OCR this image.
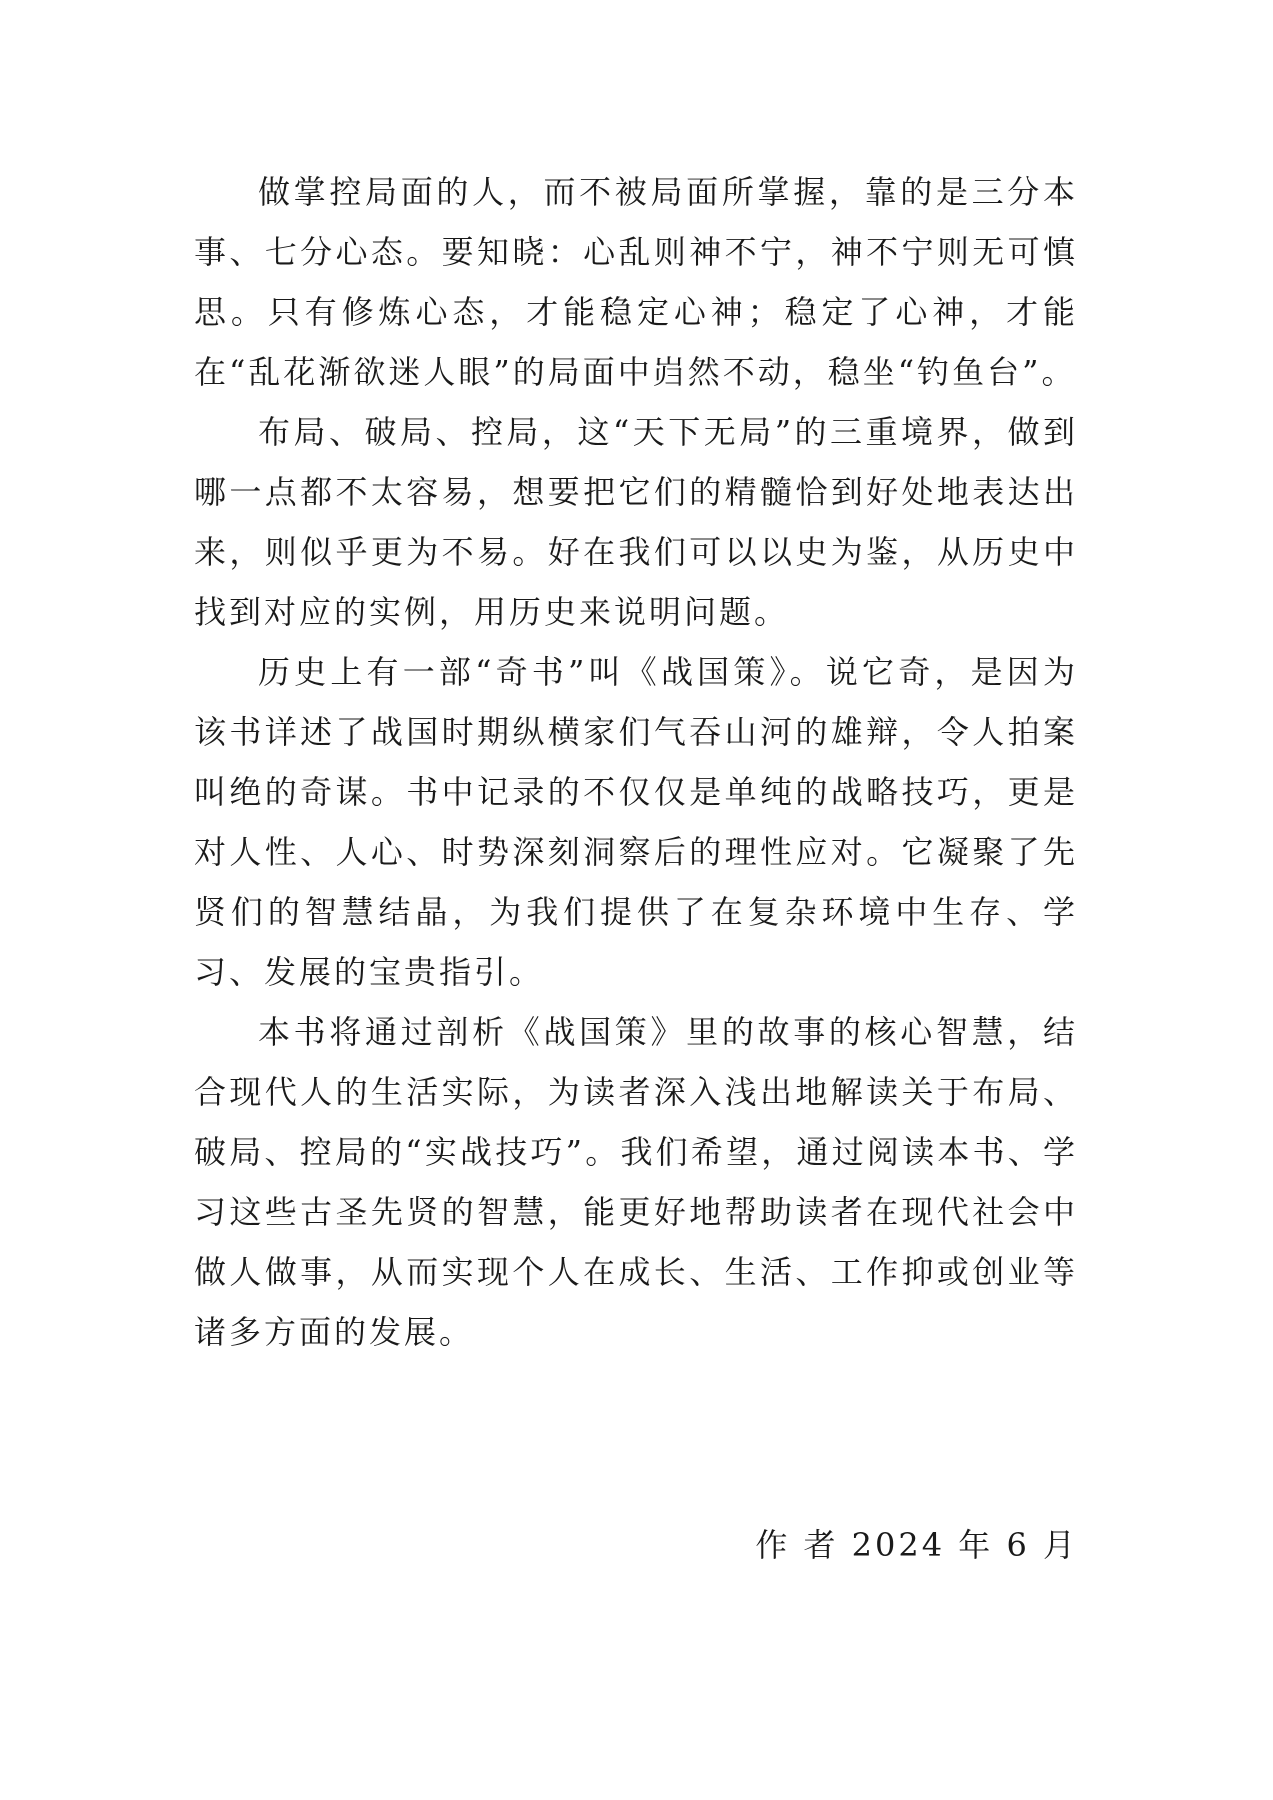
做掌控局面的人，而不被局面所掌握，靠的是三分本事、七分心态。要知晓：心乱则神不宁，神不宁则无可慎思。只有修炼心态，才能稳定心神；稳定了心神，才能在“乱花渐欲迷人眼”的局面中岿然不动，稳坐“钓鱼台”。

布局、破局、控局，这“天下无局”的三重境界，做到哪一点都不太容易，想要把它们的精髓恰到好处地表达出来，则似乎更为不易。好在我们可以以史为鉴，从历史中找到对应的实例，用历史来说明问题。

历史上有一部“奇书”叫《战国策》。说它奇，是因为该书详述了战国时期纵横家们气吞山河的雄辩，令人拍案叫绝的奇谋。书中记录的不仅仅是单纯的战略技巧，更是对人性、人心、时势深刻洞察后的理性应对。它凝聚了先贤们的智慧结晶，为我们提供了在复杂环境中生存、学习、发展的宝贵指引。

本书将通过剖析《战国策》里的故事的核心智慧，结合现代人的生活实际，为读者深入浅出地解读关于布局、破局、控局的“实战技巧”。我们希望，通过阅读本书、学习这些古圣先贤的智慧，能更好地帮助读者在现代社会中做人做事，从而实现个人在成长、生活、工作抑或创业等诸多方面的发展。

作 者 2024 年 6 月
